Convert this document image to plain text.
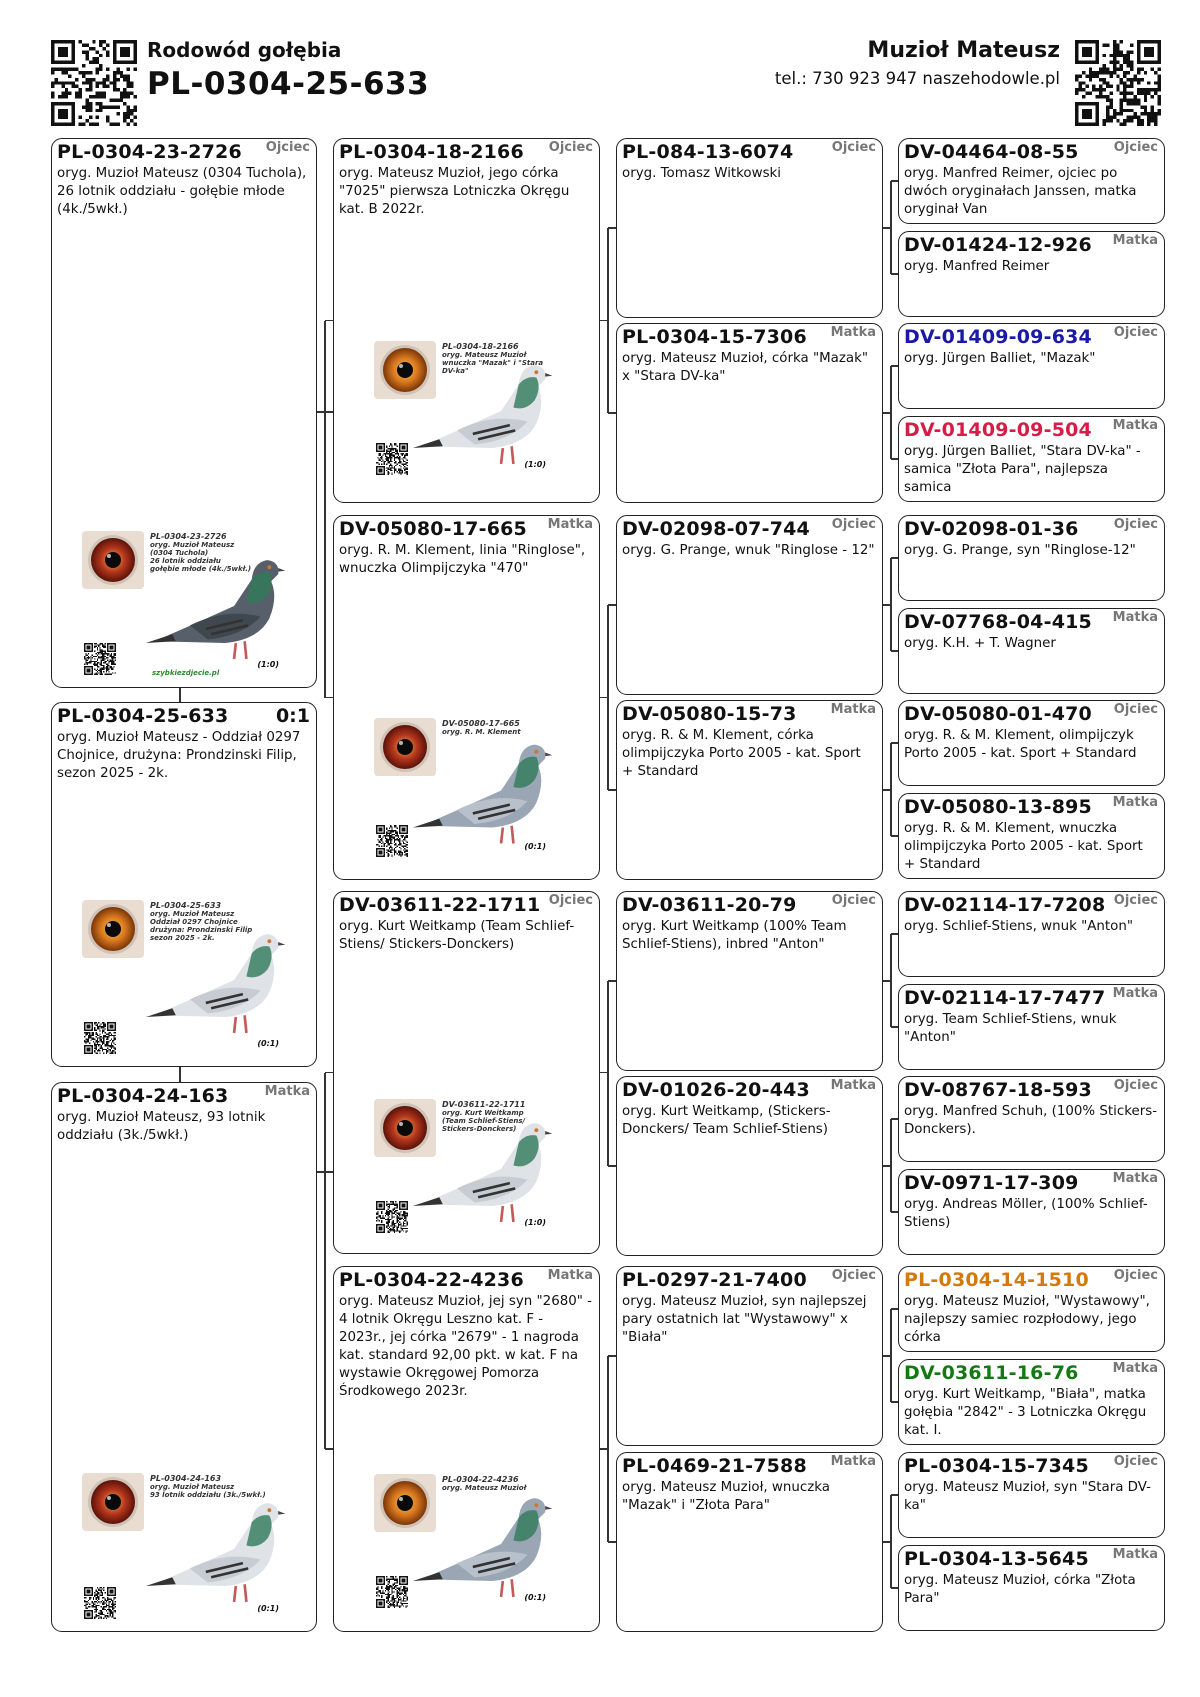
Rodowód gołębia
PL-0304-25-633
Muzioł Mateusz
tel.: 730 923 947 naszehodowle.pl
PL-0304-23-2726 Ojciec
oryg. Muzioł Mateusz (0304 Tuchola), 26 lotnik oddziału - gołębie młode (4k./5wkł.)
PL-0304-23-2726
oryg. Muzioł Mateusz
(0304 Tuchola)
26 lotnik oddziału
gołębie młode (4k./5wkł.)
(1:0)
szybkiezdjecie.pl
PL-0304-25-633 0:1
oryg. Muzioł Mateusz - Oddział 0297 Chojnice, drużyna: Prondzinski Filip, sezon 2025 - 2k.
PL-0304-25-633
oryg. Muzioł Mateusz
Oddział 0297 Chojnice
drużyna: Prondzinski Filip
sezon 2025 - 2k.
(0:1)
PL-0304-24-163	Matka
oryg. Muzioł Mateusz, 93 lotnik oddziału (3k./5wkł.)
PL-0304-24-163
oryg. Muzioł Mateusz
93 lotnik oddziału (3k./5wkł.)
(0:1)
PL-0304-18-2166 Ojciec
oryg. Mateusz Muzioł, jego córka "7025" pierwsza Lotniczka Okręgu kat. B 2022r.
PL-0304-18-2166
oryg. Mateusz Muzioł
wnuczka "Mazak" i "Stara DV-ka"
(1:0)
DV-05080-17-665 Matka
oryg. R. M. Klement, linia "Ringlose", wnuczka Olimpijczyka "470"
DV-05080-17-665
oryg. R. M. Klement
(0:1)
DV-03611-22-1711 Ojciec
oryg. Kurt Weitkamp (Team Schlief-Stiens/ Stickers-Donckers)
DV-03611-22-1711
oryg. Kurt Weitkamp
(Team Schlief-Stiens/
Stickers-Donckers)
(1:0)
PL-0304-22-4236 Matka
oryg. Mateusz Muzioł, jej syn "2680" - 4 lotnik Okręgu Leszno kat. F - 2023r., jej córka "2679" - 1 nagroda kat. standard 92,00 pkt. w kat. F na wystawie Okręgowej Pomorza Środkowego 2023r.
PL-0304-22-4236
oryg. Mateusz Muzioł
(0:1)
PL-084-13-6074	Ojciec
oryg. Tomasz Witkowski
PL-0304-15-7306 Matka
oryg. Mateusz Muzioł, córka "Mazak" x "Stara DV-ka"
DV-02098-07-744 Ojciec
oryg. G. Prange, wnuk "Ringlose - 12"
DV-05080-15-73	Matka
oryg. R. & M. Klement, córka olimpijczyka Porto 2005 - kat. Sport + Standard
DV-03611-20-79	Ojciec
oryg. Kurt Weitkamp (100% Team Schlief-Stiens), inbred "Anton"
DV-01026-20-443 Matka
oryg. Kurt Weitkamp, (Stickers-Donckers/ Team Schlief-Stiens)
PL-0297-21-7400 Ojciec
oryg. Mateusz Muzioł, syn najlepszej pary ostatnich lat "Wystawowy" x "Biała"
PL-0469-21-7588 Matka
oryg. Mateusz Muzioł, wnuczka "Mazak" i "Złota Para"
DV-04464-08-55	Ojciec
oryg. Manfred Reimer, ojciec po dwóch oryginałach Janssen, matka oryginał Van
DV-01424-12-926 Matka
oryg. Manfred Reimer
DV-01409-09-634 Ojciec
oryg. Jürgen Balliet, "Mazak"
DV-01409-09-504 Matka
oryg. Jürgen Balliet, "Stara DV-ka" - samica "Złota Para", najlepsza samica
DV-02098-01-36	Ojciec
oryg. G. Prange, syn "Ringlose-12"
DV-07768-04-415 Matka
oryg. K.H. + T. Wagner
DV-05080-01-470 Ojciec
oryg. R. & M. Klement, olimpijczyk Porto 2005 - kat. Sport + Standard
DV-05080-13-895 Matka
oryg. R. & M. Klement, wnuczka olimpijczyka Porto 2005 - kat. Sport + Standard
DV-02114-17-7208 Ojciec
oryg. Schlief-Stiens, wnuk "Anton"
DV-02114-17-7477 Matka
oryg. Team Schlief-Stiens, wnuk "Anton"
DV-08767-18-593 Ojciec
oryg. Manfred Schuh, (100% Stickers-Donckers).
DV-0971-17-309	Matka
oryg. Andreas Möller, (100% Schlief-Stiens)
PL-0304-14-1510 Ojciec
oryg. Mateusz Muzioł, "Wystawowy", najlepszy samiec rozpłodowy, jego córka
DV-03611-16-76	Matka
oryg. Kurt Weitkamp, "Biała", matka gołębia "2842" - 3 Lotniczka Okręgu kat. I.
PL-0304-15-7345 Ojciec
oryg. Mateusz Muzioł, syn "Stara DV-ka"
PL-0304-13-5645 Matka
oryg. Mateusz Muzioł, córka "Złota Para"
